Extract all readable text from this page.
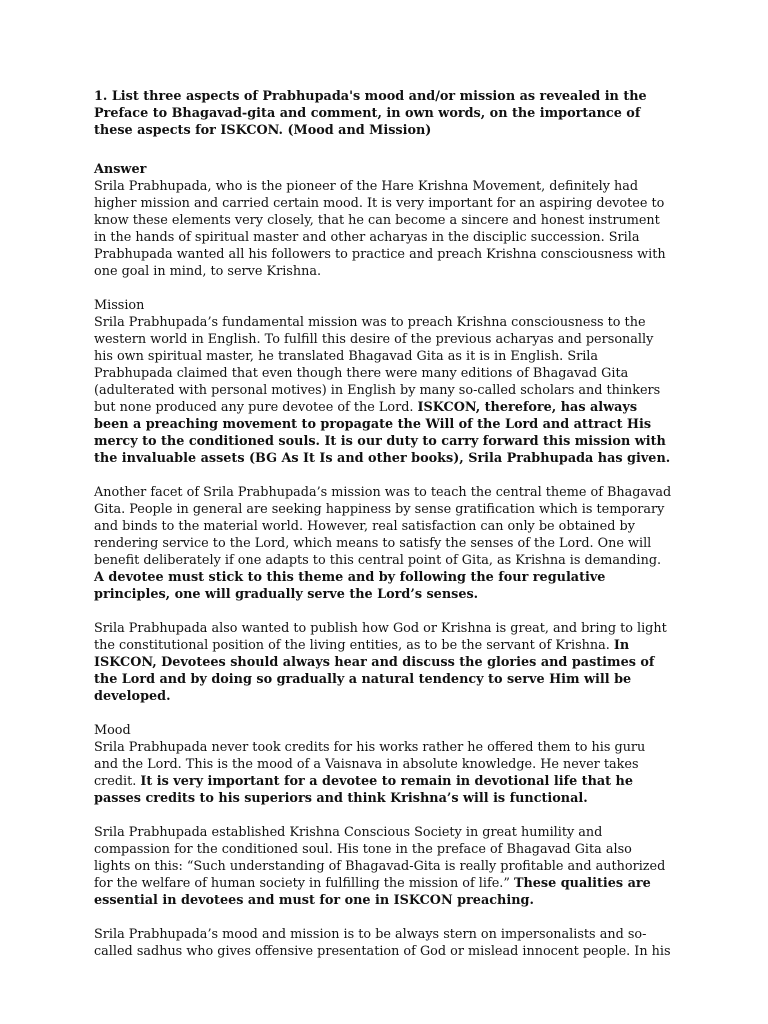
1. List three aspects of Prabhupada's mood and/or mission as revealed in the Preface to Bhagavad-gita and comment, in own words, on the importance of these aspects for ISKCON. (Mood and Mission)

Answer

Srila Prabhupada, who is the pioneer of the Hare Krishna Movement, definitely had higher mission and carried certain mood. It is very important for an aspiring devotee to know these elements very closely, that he can become a sincere and honest instrument in the hands of spiritual master and other acharyas in the disciplic succession. Srila Prabhupada wanted all his followers to practice and preach Krishna consciousness with one goal in mind, to serve Krishna.

Mission

Srila Prabhupada’s fundamental mission was to preach Krishna consciousness to the western world in English. To fulfill this desire of the previous acharyas and personally his own spiritual master, he translated Bhagavad Gita as it is in English. Srila Prabhupada claimed that even though there were many editions of Bhagavad Gita (adulterated with personal motives) in English by many so-called scholars and thinkers but none produced any pure devotee of the Lord. ISKCON, therefore, has always been a preaching movement to propagate the Will of the Lord and attract His mercy to the conditioned souls. It is our duty to carry forward this mission with the invaluable assets (BG As It Is and other books), Srila Prabhupada has given.

Another facet of Srila Prabhupada’s mission was to teach the central theme of Bhagavad Gita. People in general are seeking happiness by sense gratification which is temporary and binds to the material world. However, real satisfaction can only be obtained by rendering service to the Lord, which means to satisfy the senses of the Lord. One will benefit deliberately if one adapts to this central point of Gita, as Krishna is demanding. A devotee must stick to this theme and by following the four regulative principles, one will gradually serve the Lord’s senses.

Srila Prabhupada also wanted to publish how God or Krishna is great, and bring to light the constitutional position of the living entities, as to be the servant of Krishna. In ISKCON, Devotees should always hear and discuss the glories and pastimes of the Lord and by doing so gradually a natural tendency to serve Him will be developed.

Mood

Srila Prabhupada never took credits for his works rather he offered them to his guru and the Lord. This is the mood of a Vaisnava in absolute knowledge. He never takes credit. It is very important for a devotee to remain in devotional life that he passes credits to his superiors and think Krishna’s will is functional.

Srila Prabhupada established Krishna Conscious Society in great humility and compassion for the conditioned soul. His tone in the preface of Bhagavad Gita also lights on this: “Such understanding of Bhagavad-Gita is really profitable and authorized for the welfare of human society in fulfilling the mission of life.” These qualities are essential in devotees and must for one in ISKCON preaching.

Srila Prabhupada’s mood and mission is to be always stern on impersonalists and so-called sadhus who gives offensive presentation of God or mislead innocent people. In his
